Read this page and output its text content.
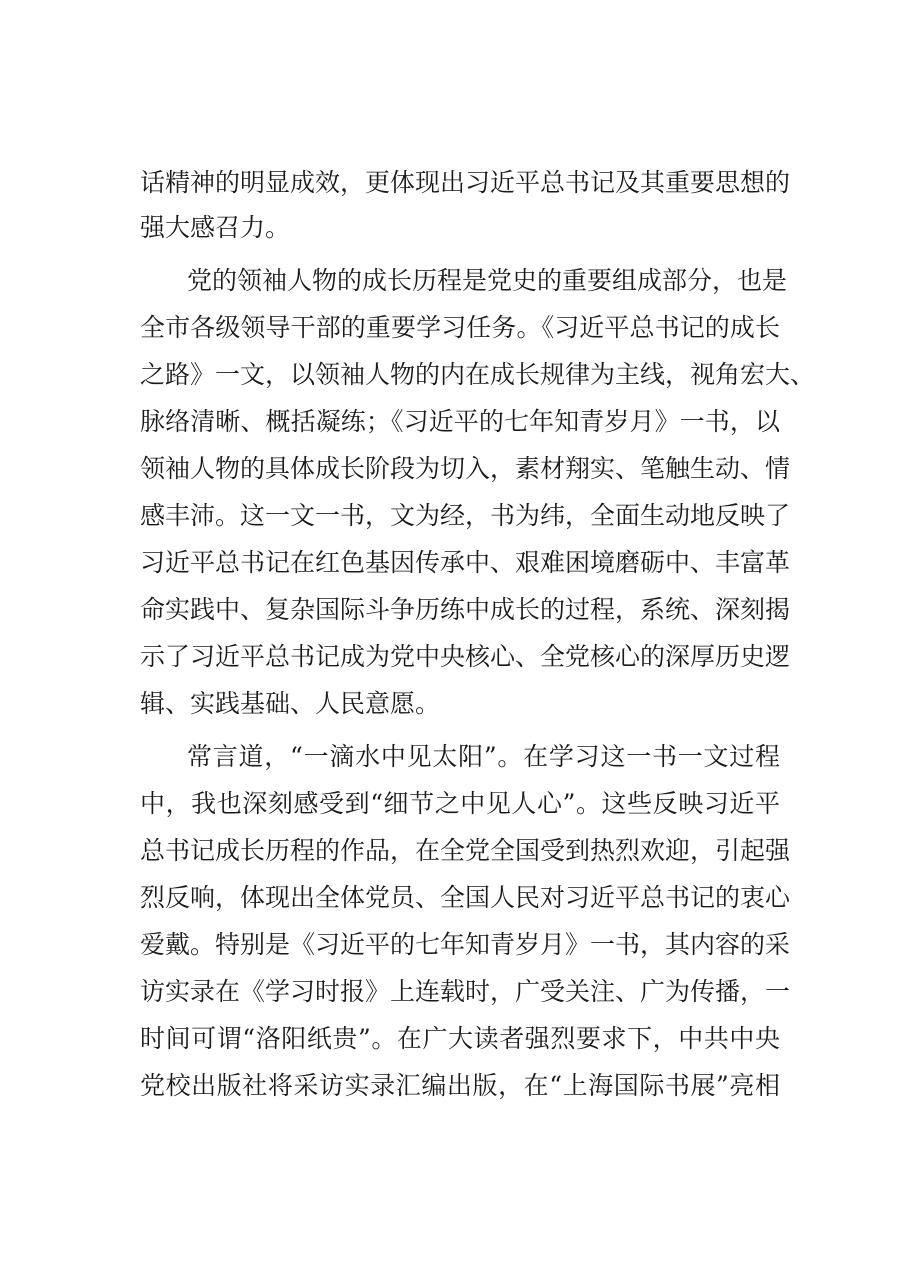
话精神的明显成效，更体现出习近平总书记及其重要思想的
强大感召力。
党的领袖人物的成长历程是党史的重要组成部分，也是
全市各级领导干部的重要学习任务。《习近平总书记的成长
之路》一文，以领袖人物的内在成长规律为主线，视角宏大、
脉络清晰、概括凝练；《习近平的七年知青岁月》一书，以
领袖人物的具体成长阶段为切入，素材翔实、笔触生动、情
感丰沛。这一文一书，文为经，书为纬，全面生动地反映了
习近平总书记在红色基因传承中、艰难困境磨砺中、丰富革
命实践中、复杂国际斗争历练中成长的过程，系统、深刻揭
示了习近平总书记成为党中央核心、全党核心的深厚历史逻
辑、实践基础、人民意愿。
常言道，“一滴水中见太阳”。在学习这一书一文过程
中，我也深刻感受到“细节之中见人心”。这些反映习近平
总书记成长历程的作品，在全党全国受到热烈欢迎，引起强
烈反响，体现出全体党员、全国人民对习近平总书记的衷心
爱戴。特别是《习近平的七年知青岁月》一书，其内容的采
访实录在《学习时报》上连载时，广受关注、广为传播，一
时间可谓“洛阳纸贵”。在广大读者强烈要求下，中共中央
党校出版社将采访实录汇编出版，在“上海国际书展”亮相
